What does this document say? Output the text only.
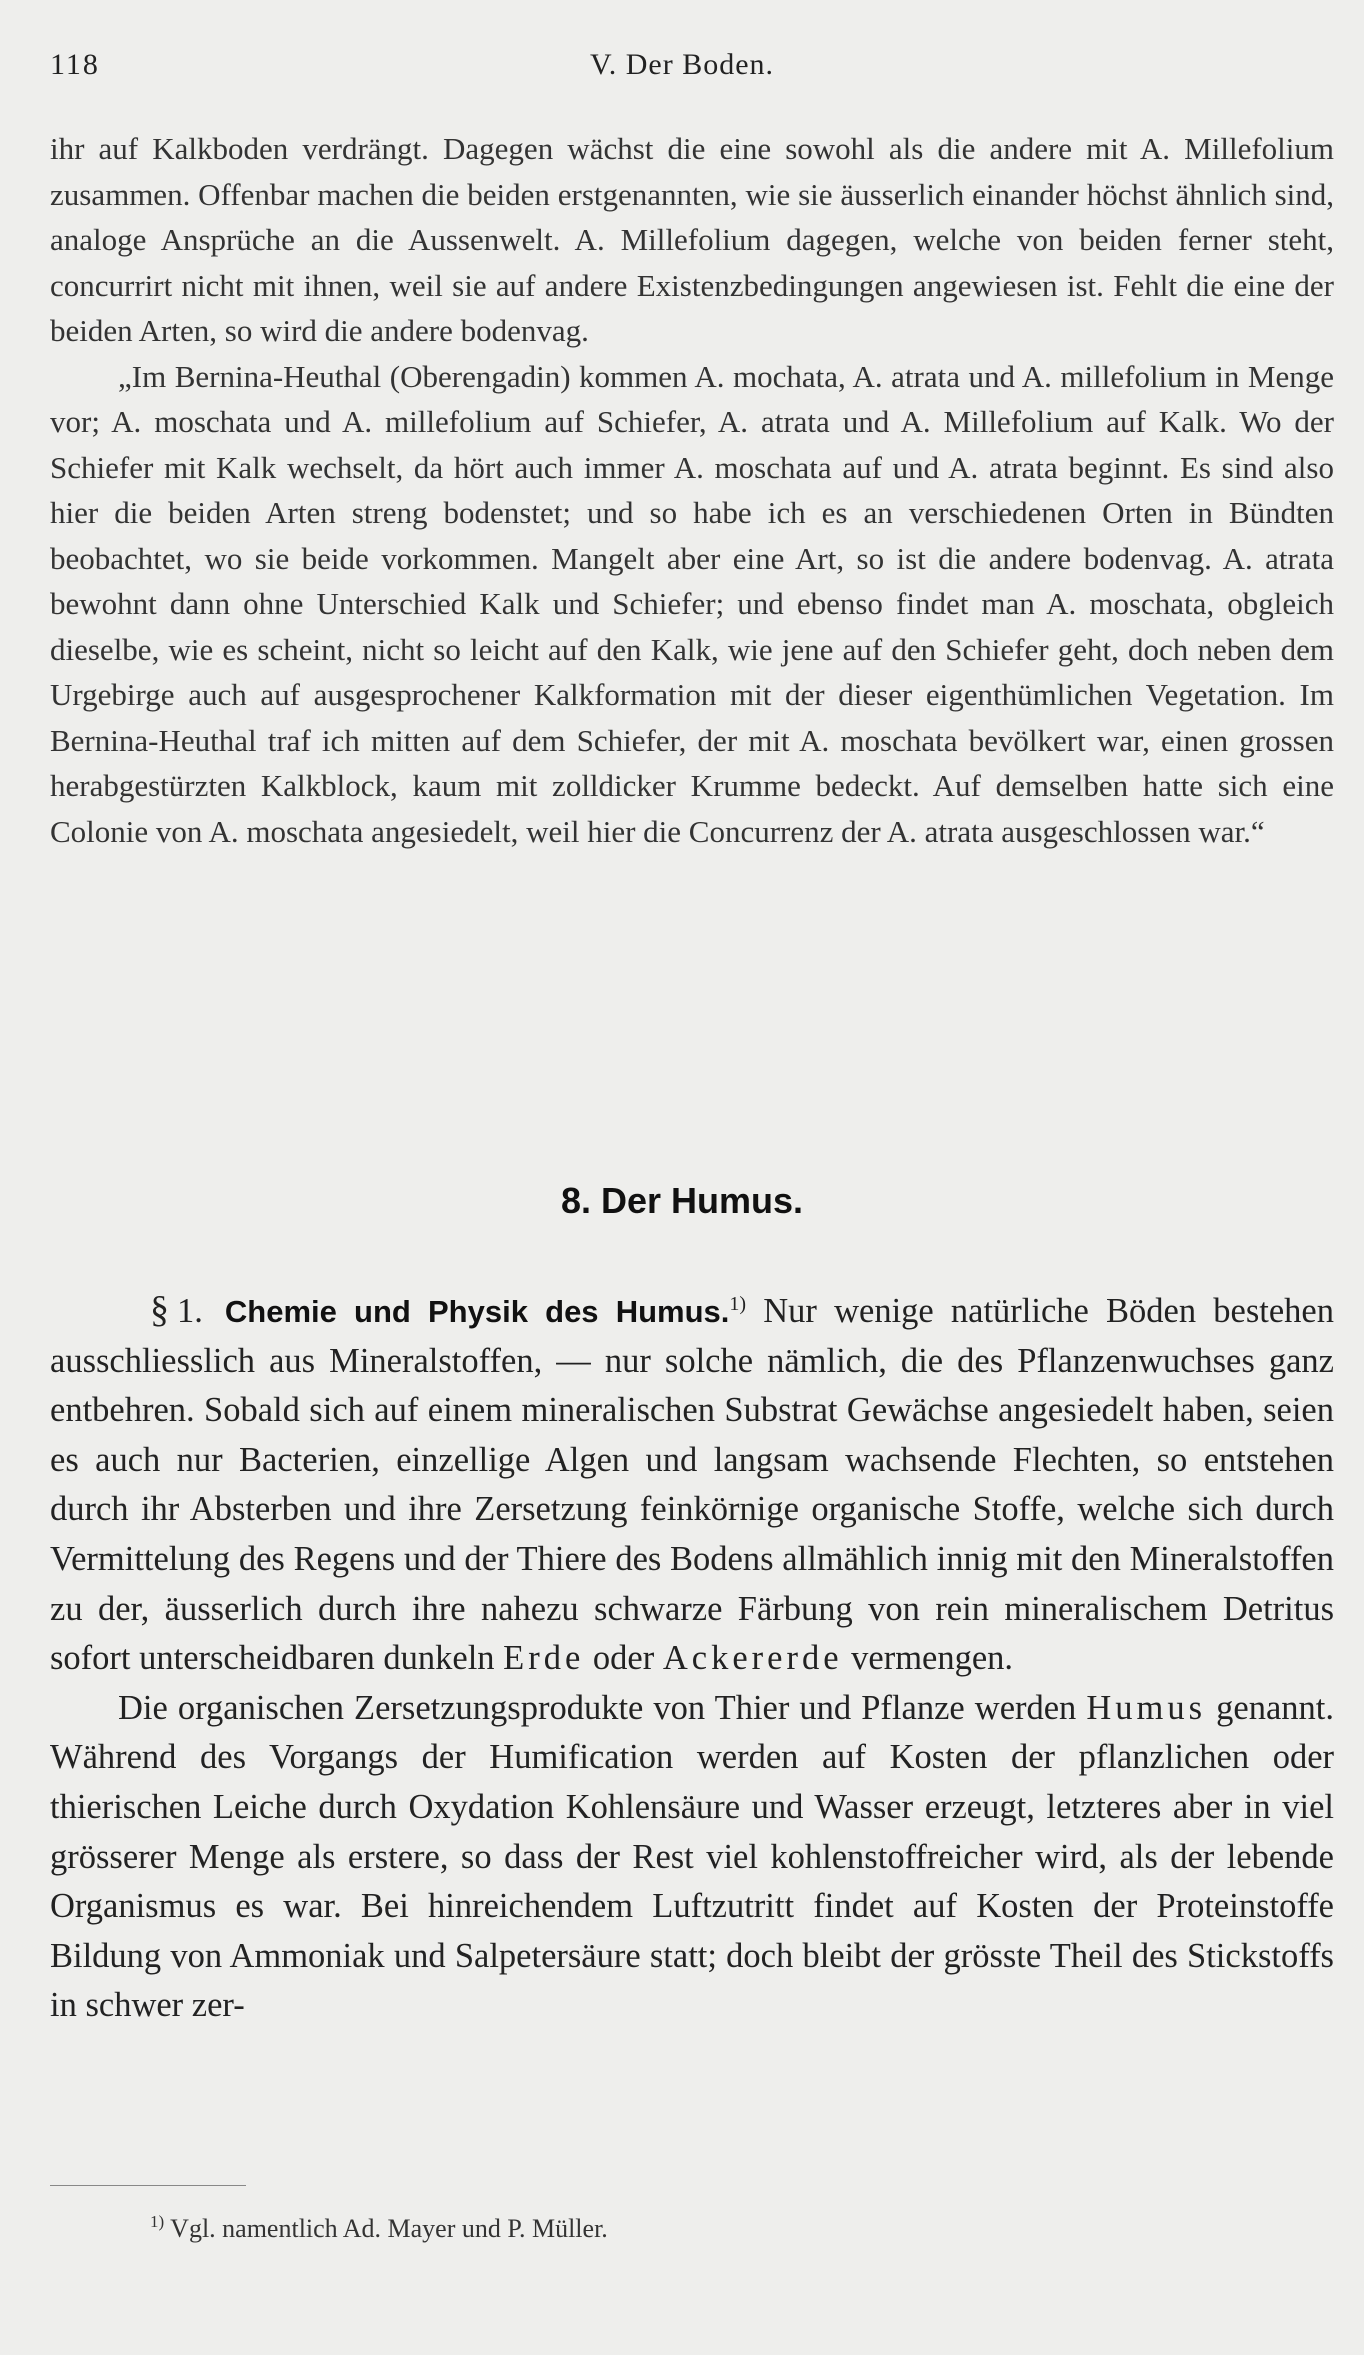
118	V. Der Boden.

ihr auf Kalkboden verdrängt. Dagegen wächst die eine sowohl als die andere mit A. Millefolium zusammen. Offenbar machen die beiden erstgenannten, wie sie äusserlich einander höchst ähnlich sind, analoge Ansprüche an die Aussenwelt. A. Millefolium dagegen, welche von beiden ferner steht, concurrirt nicht mit ihnen, weil sie auf andere Existenzbedingungen angewiesen ist. Fehlt die eine der beiden Arten, so wird die andere bodenvag.

„Im Bernina-Heuthal (Oberengadin) kommen A. mochata, A. atrata und A. millefolium in Menge vor; A. moschata und A. millefolium auf Schiefer, A. atrata und A. Millefolium auf Kalk. Wo der Schiefer mit Kalk wechselt, da hört auch immer A. moschata auf und A. atrata beginnt. Es sind also hier die beiden Arten streng bodenstet; und so habe ich es an verschiedenen Orten in Bündten beobachtet, wo sie beide vorkommen. Mangelt aber eine Art, so ist die andere bodenvag. A. atrata bewohnt dann ohne Unterschied Kalk und Schiefer; und ebenso findet man A. moschata, obgleich dieselbe, wie es scheint, nicht so leicht auf den Kalk, wie jene auf den Schiefer geht, doch neben dem Urgebirge auch auf ausgesprochener Kalkformation mit der dieser eigenthümlichen Vegetation. Im Bernina-Heuthal traf ich mitten auf dem Schiefer, der mit A. moschata bevölkert war, einen grossen herabgestürzten Kalkblock, kaum mit zolldicker Krumme bedeckt. Auf demselben hatte sich eine Colonie von A. moschata angesiedelt, weil hier die Concurrenz der A. atrata ausgeschlossen war.“

8. Der Humus.

§ 1. Chemie und Physik des Humus.$^{1)}$ Nur wenige natürliche Böden bestehen ausschliesslich aus Mineralstoffen, — nur solche nämlich, die des Pflanzenwuchses ganz entbehren. Sobald sich auf einem mineralischen Substrat Gewächse angesiedelt haben, seien es auch nur Bacterien, einzellige Algen und langsam wachsende Flechten, so entstehen durch ihr Absterben und ihre Zersetzung feinkörnige organische Stoffe, welche sich durch Vermittelung des Regens und der Thiere des Bodens allmählich innig mit den Mineralstoffen zu der, äusserlich durch ihre nahezu schwarze Färbung von rein mineralischem Detritus sofort unterscheidbaren dunkeln Erde oder Ackererde vermengen.

Die organischen Zersetzungsprodukte von Thier und Pflanze werden Humus genannt. Während des Vorgangs der Humification werden auf Kosten der pflanzlichen oder thierischen Leiche durch Oxydation Kohlensäure und Wasser erzeugt, letzteres aber in viel grösserer Menge als erstere, so dass der Rest viel kohlenstoffreicher wird, als der lebende Organismus es war. Bei hinreichendem Luftzutritt findet auf Kosten der Proteinstoffe Bildung von Ammoniak und Salpetersäure statt; doch bleibt der grösste Theil des Stickstoffs in schwer zer-

$^{1)}$ Vgl. namentlich Ad. Mayer und P. Müller.
